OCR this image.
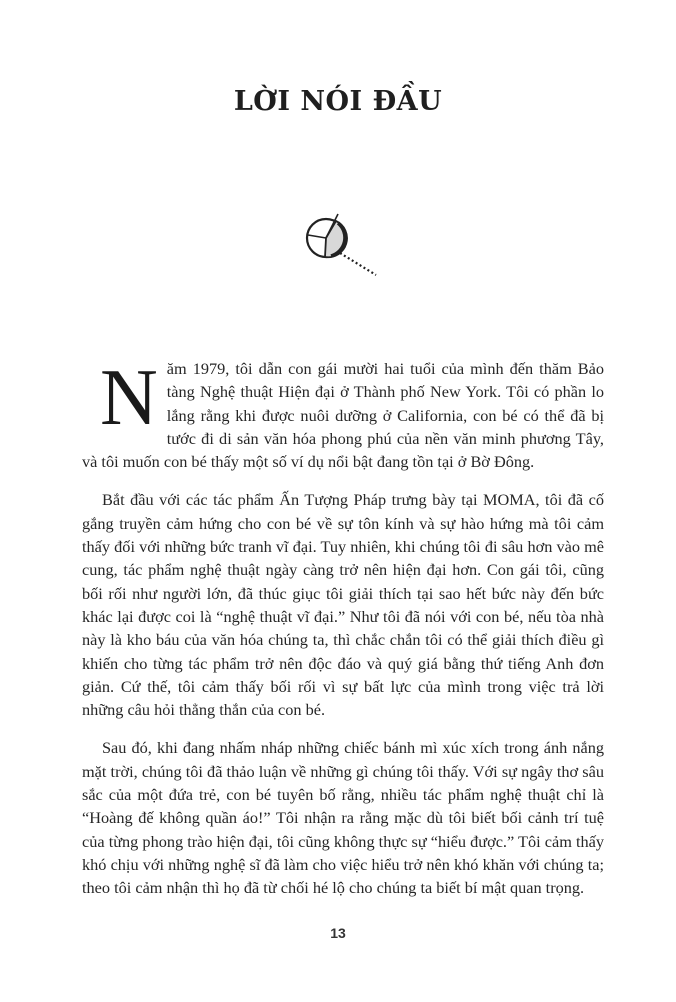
LỜI NÓI ĐẦU

Năm 1979, tôi dẫn con gái mười hai tuổi của mình đến thăm Bảo tàng Nghệ thuật Hiện đại ở Thành phố New York. Tôi có phần lo lắng rằng khi được nuôi dưỡng ở California, con bé có thể đã bị tước đi di sản văn hóa phong phú của nền văn minh phương Tây, và tôi muốn con bé thấy một số ví dụ nổi bật đang tồn tại ở Bờ Đông.

Bắt đầu với các tác phẩm Ấn Tượng Pháp trưng bày tại MOMA, tôi đã cố gắng truyền cảm hứng cho con bé về sự tôn kính và sự hào hứng mà tôi cảm thấy đối với những bức tranh vĩ đại. Tuy nhiên, khi chúng tôi đi sâu hơn vào mê cung, tác phẩm nghệ thuật ngày càng trở nên hiện đại hơn. Con gái tôi, cũng bối rối như người lớn, đã thúc giục tôi giải thích tại sao hết bức này đến bức khác lại được coi là “nghệ thuật vĩ đại.” Như tôi đã nói với con bé, nếu tòa nhà này là kho báu của văn hóa chúng ta, thì chắc chắn tôi có thể giải thích điều gì khiến cho từng tác phẩm trở nên độc đáo và quý giá bằng thứ tiếng Anh đơn giản. Cứ thế, tôi cảm thấy bối rối vì sự bất lực của mình trong việc trả lời những câu hỏi thẳng thắn của con bé.

Sau đó, khi đang nhấm nháp những chiếc bánh mì xúc xích trong ánh nắng mặt trời, chúng tôi đã thảo luận về những gì chúng tôi thấy. Với sự ngây thơ sâu sắc của một đứa trẻ, con bé tuyên bố rằng, nhiều tác phẩm nghệ thuật chỉ là “Hoàng đế không quần áo!” Tôi nhận ra rằng mặc dù tôi biết bối cảnh trí tuệ của từng phong trào hiện đại, tôi cũng không thực sự “hiểu được.” Tôi cảm thấy khó chịu với những nghệ sĩ đã làm cho việc hiểu trở nên khó khăn với chúng ta; theo tôi cảm nhận thì họ đã từ chối hé lộ cho chúng ta biết bí mật quan trọng.

13
